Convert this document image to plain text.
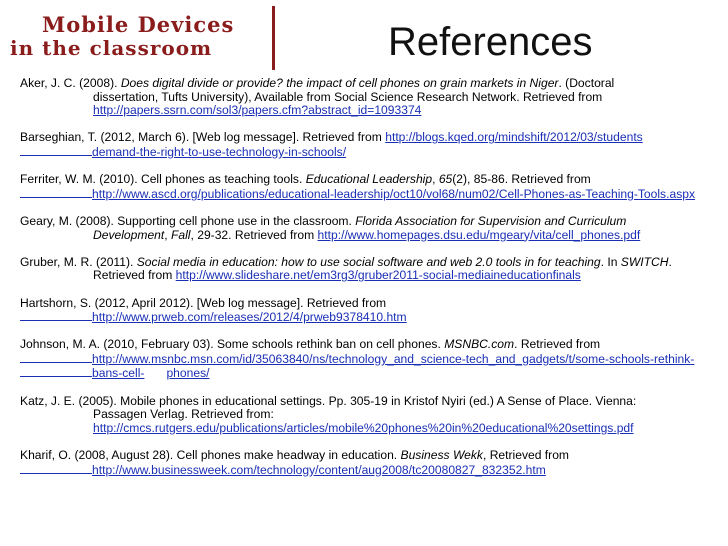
Mobile Devices
in the classroom	References
Aker, J. C. (2008). Does digital divide or provide? the impact of cell phones on grain markets in Niger. (Doctoral
dissertation, Tufts University), Available from Social Science Research Network. Retrieved from
http://papers.ssrn.com/sol3/papers.cfm?abstract_id=1093374
Barseghian, T. (2012, March 6). [Web log message]. Retrieved from http://blogs.kqed.org/mindshift/2012/03/students
demand-the-right-to-use-technology-in-schools/
Ferriter, W. M. (2010). Cell phones as teaching tools. Educational Leadership, 65(2), 85-86. Retrieved from
http://www.ascd.org/publications/educational-leadership/oct10/vol68/num02/Cell-Phones-as-Teaching-Tools.aspx
Geary, M. (2008). Supporting cell phone use in the classroom. Florida Association for Supervision and Curriculum
Development, Fall, 29-32. Retrieved from http://www.homepages.dsu.edu/mgeary/vita/cell_phones.pdf
Gruber, M. R. (2011). Social media in education: how to use social software and web 2.0 tools in for teaching. In SWITCH.
Retrieved from http://www.slideshare.net/em3rg3/gruber2011-social-mediaineducationfinals
Hartshorn, S. (2012, April 2012). [Web log message]. Retrieved from
http://www.prweb.com/releases/2012/4/prweb9378410.htm
Johnson, M. A. (2010, February 03). Some schools rethink ban on cell phones. MSNBC.com. Retrieved from
http://www.msnbc.msn.com/id/35063840/ns/technology_and_science-tech_and_gadgets/t/some-schools-rethink-
bans-cell- phones/
Katz, J. E. (2005). Mobile phones in educational settings. Pp. 305-19 in Kristof Nyiri (ed.) A Sense of Place. Vienna:
Passagen Verlag. Retrieved from:
http://cmcs.rutgers.edu/publications/articles/mobile%20phones%20in%20educational%20settings.pdf
Kharif, O. (2008, August 28). Cell phones make headway in education. Business Wekk, Retrieved from
http://www.businessweek.com/technology/content/aug2008/tc20080827_832352.htm
